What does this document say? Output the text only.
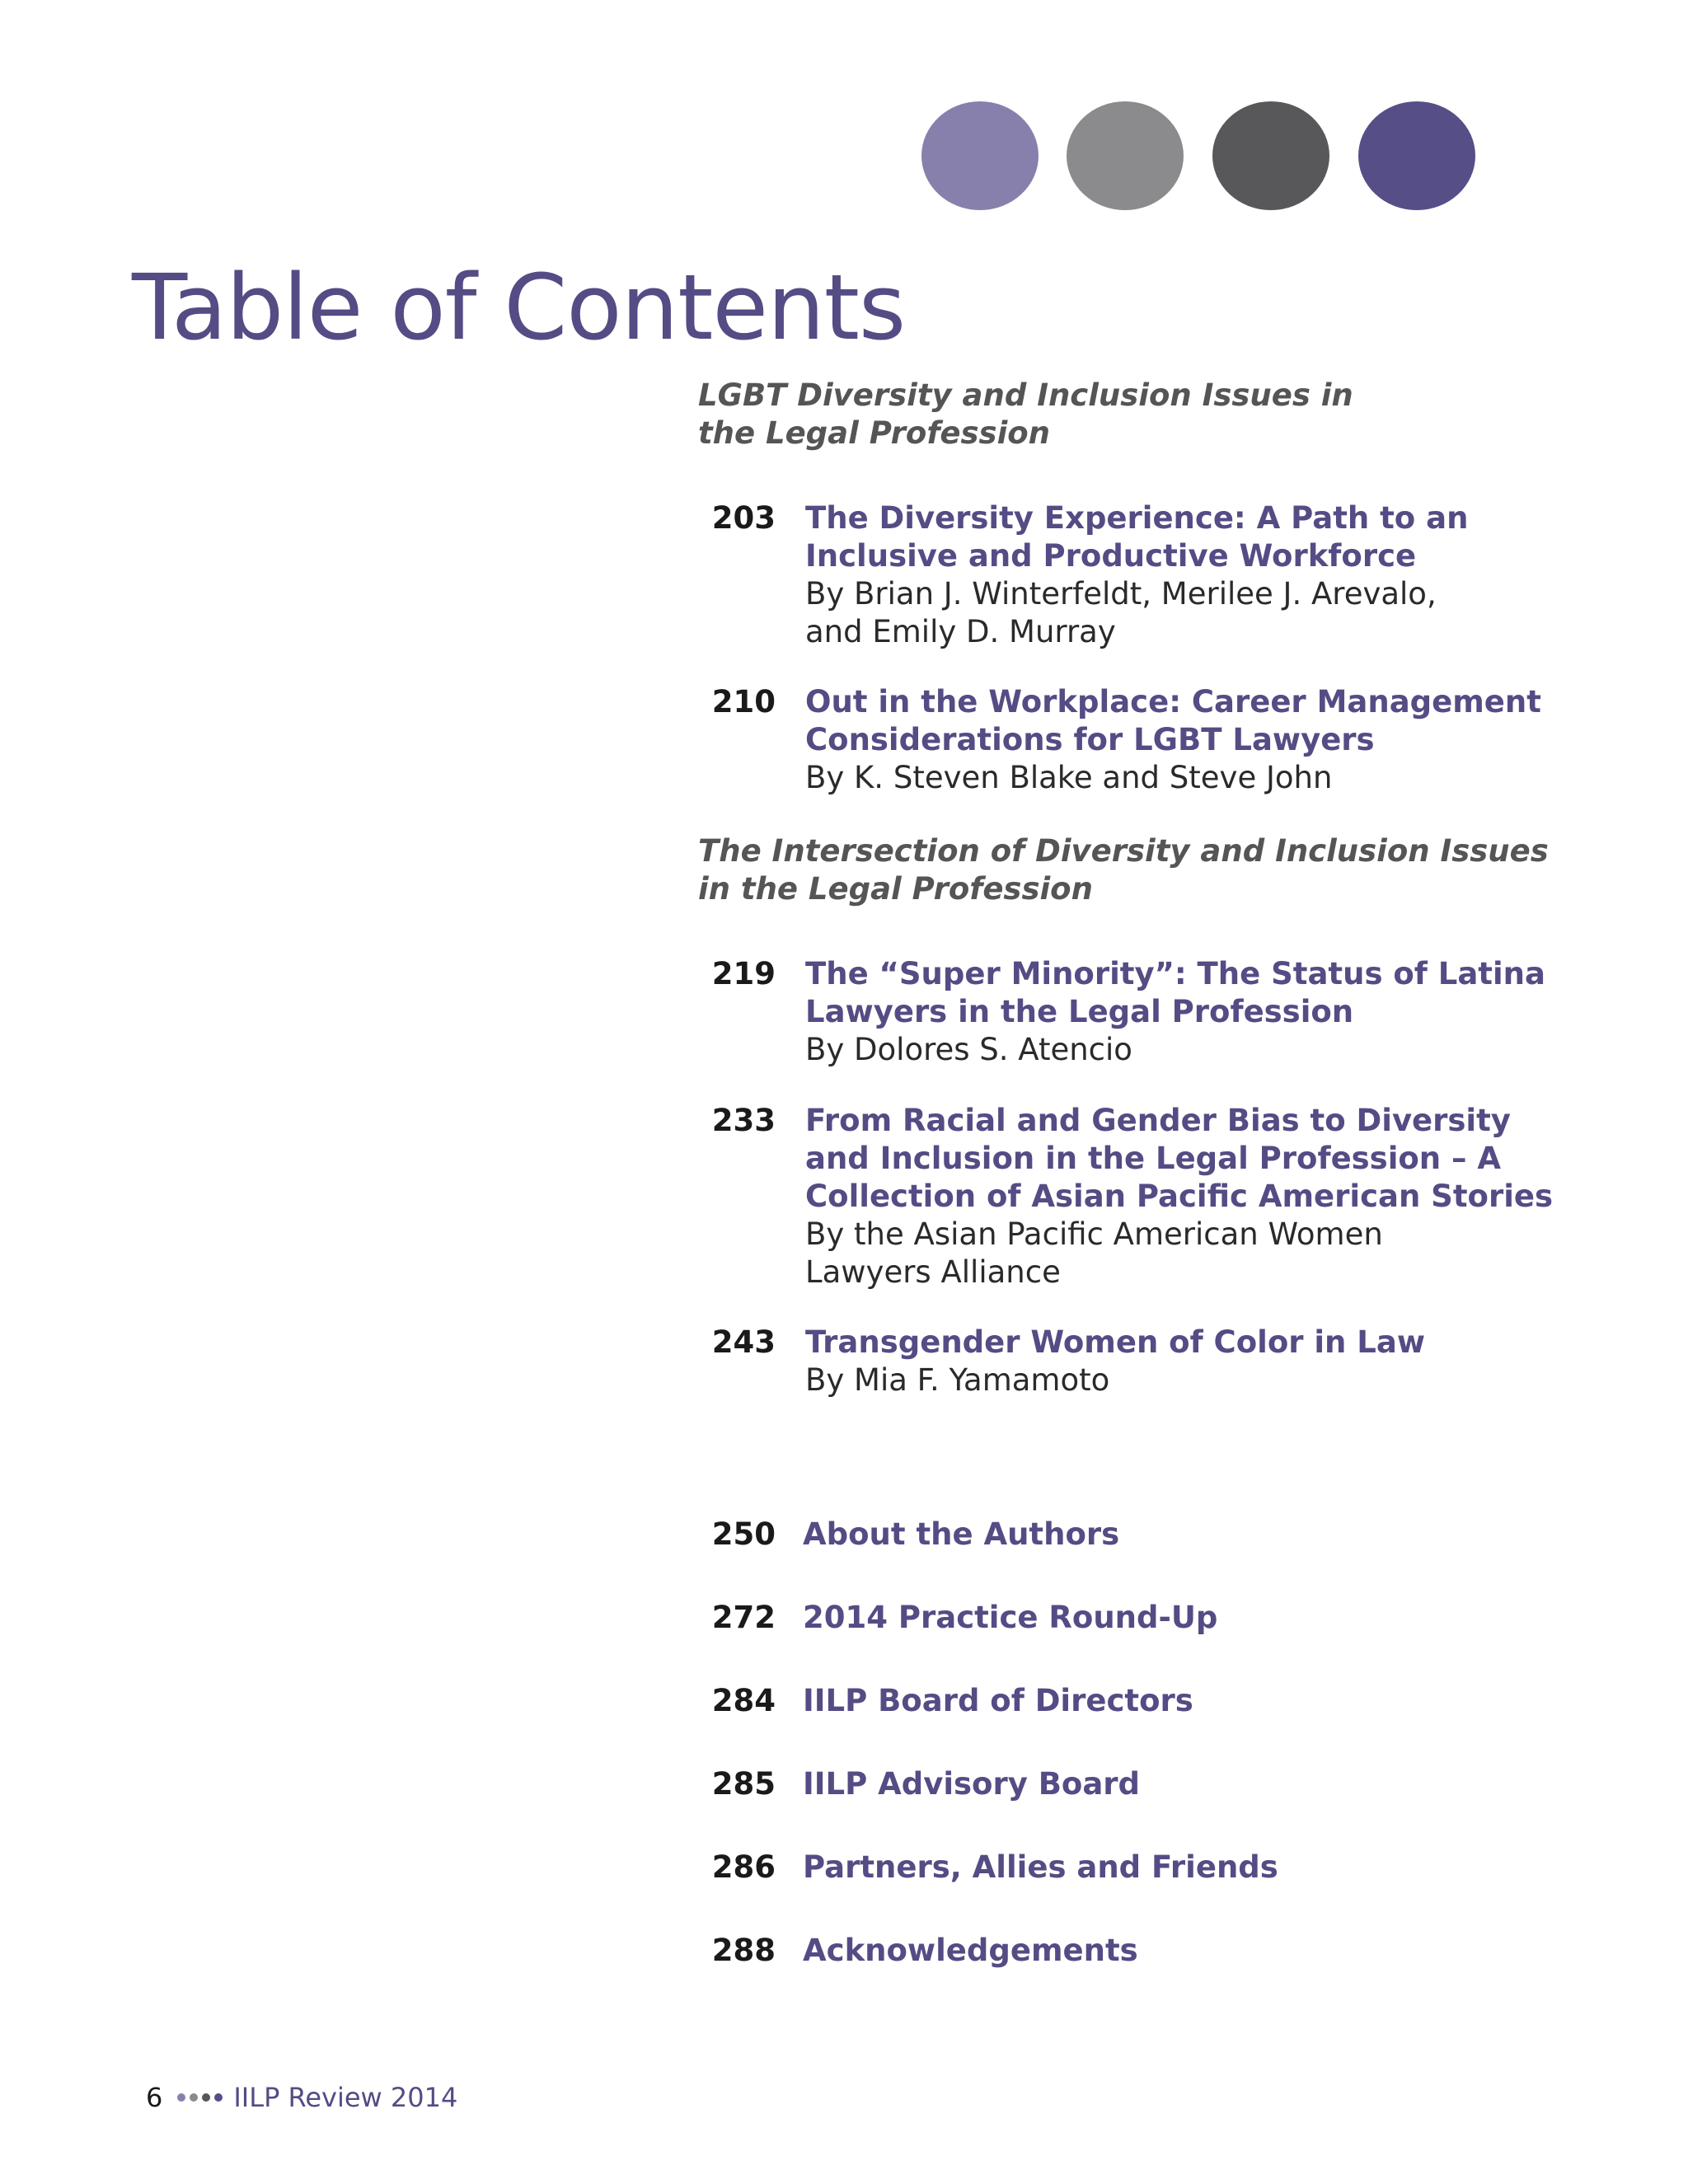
Table of Contents
LGBT Diversity and Inclusion Issues in
the Legal Profession
203 The Diversity Experience: A Path to an
Inclusive and Productive Workforce
By Brian J. Winterfeldt, Merilee J. Arevalo,
and Emily D. Murray
210 Out in the Workplace: Career Management
Considerations for LGBT Lawyers
By K. Steven Blake and Steve John
The Intersection of Diversity and Inclusion Issues
in the Legal Profession
219 The “Super Minority”: The Status of Latina
Lawyers in the Legal Profession
By Dolores S. Atencio
233 From Racial and Gender Bias to Diversity
and Inclusion in the Legal Profession – A
Collection of Asian Pacific American Stories
By the Asian Pacific American Women
Lawyers Alliance
243 Transgender Women of Color in Law
By Mia F. Yamamoto
250 About the Authors
272 2014 Practice Round-Up
284 IILP Board of Directors
285 IILP Advisory Board
286 Partners, Allies and Friends
288 Acknowledgements
6	IILP Review 2014
